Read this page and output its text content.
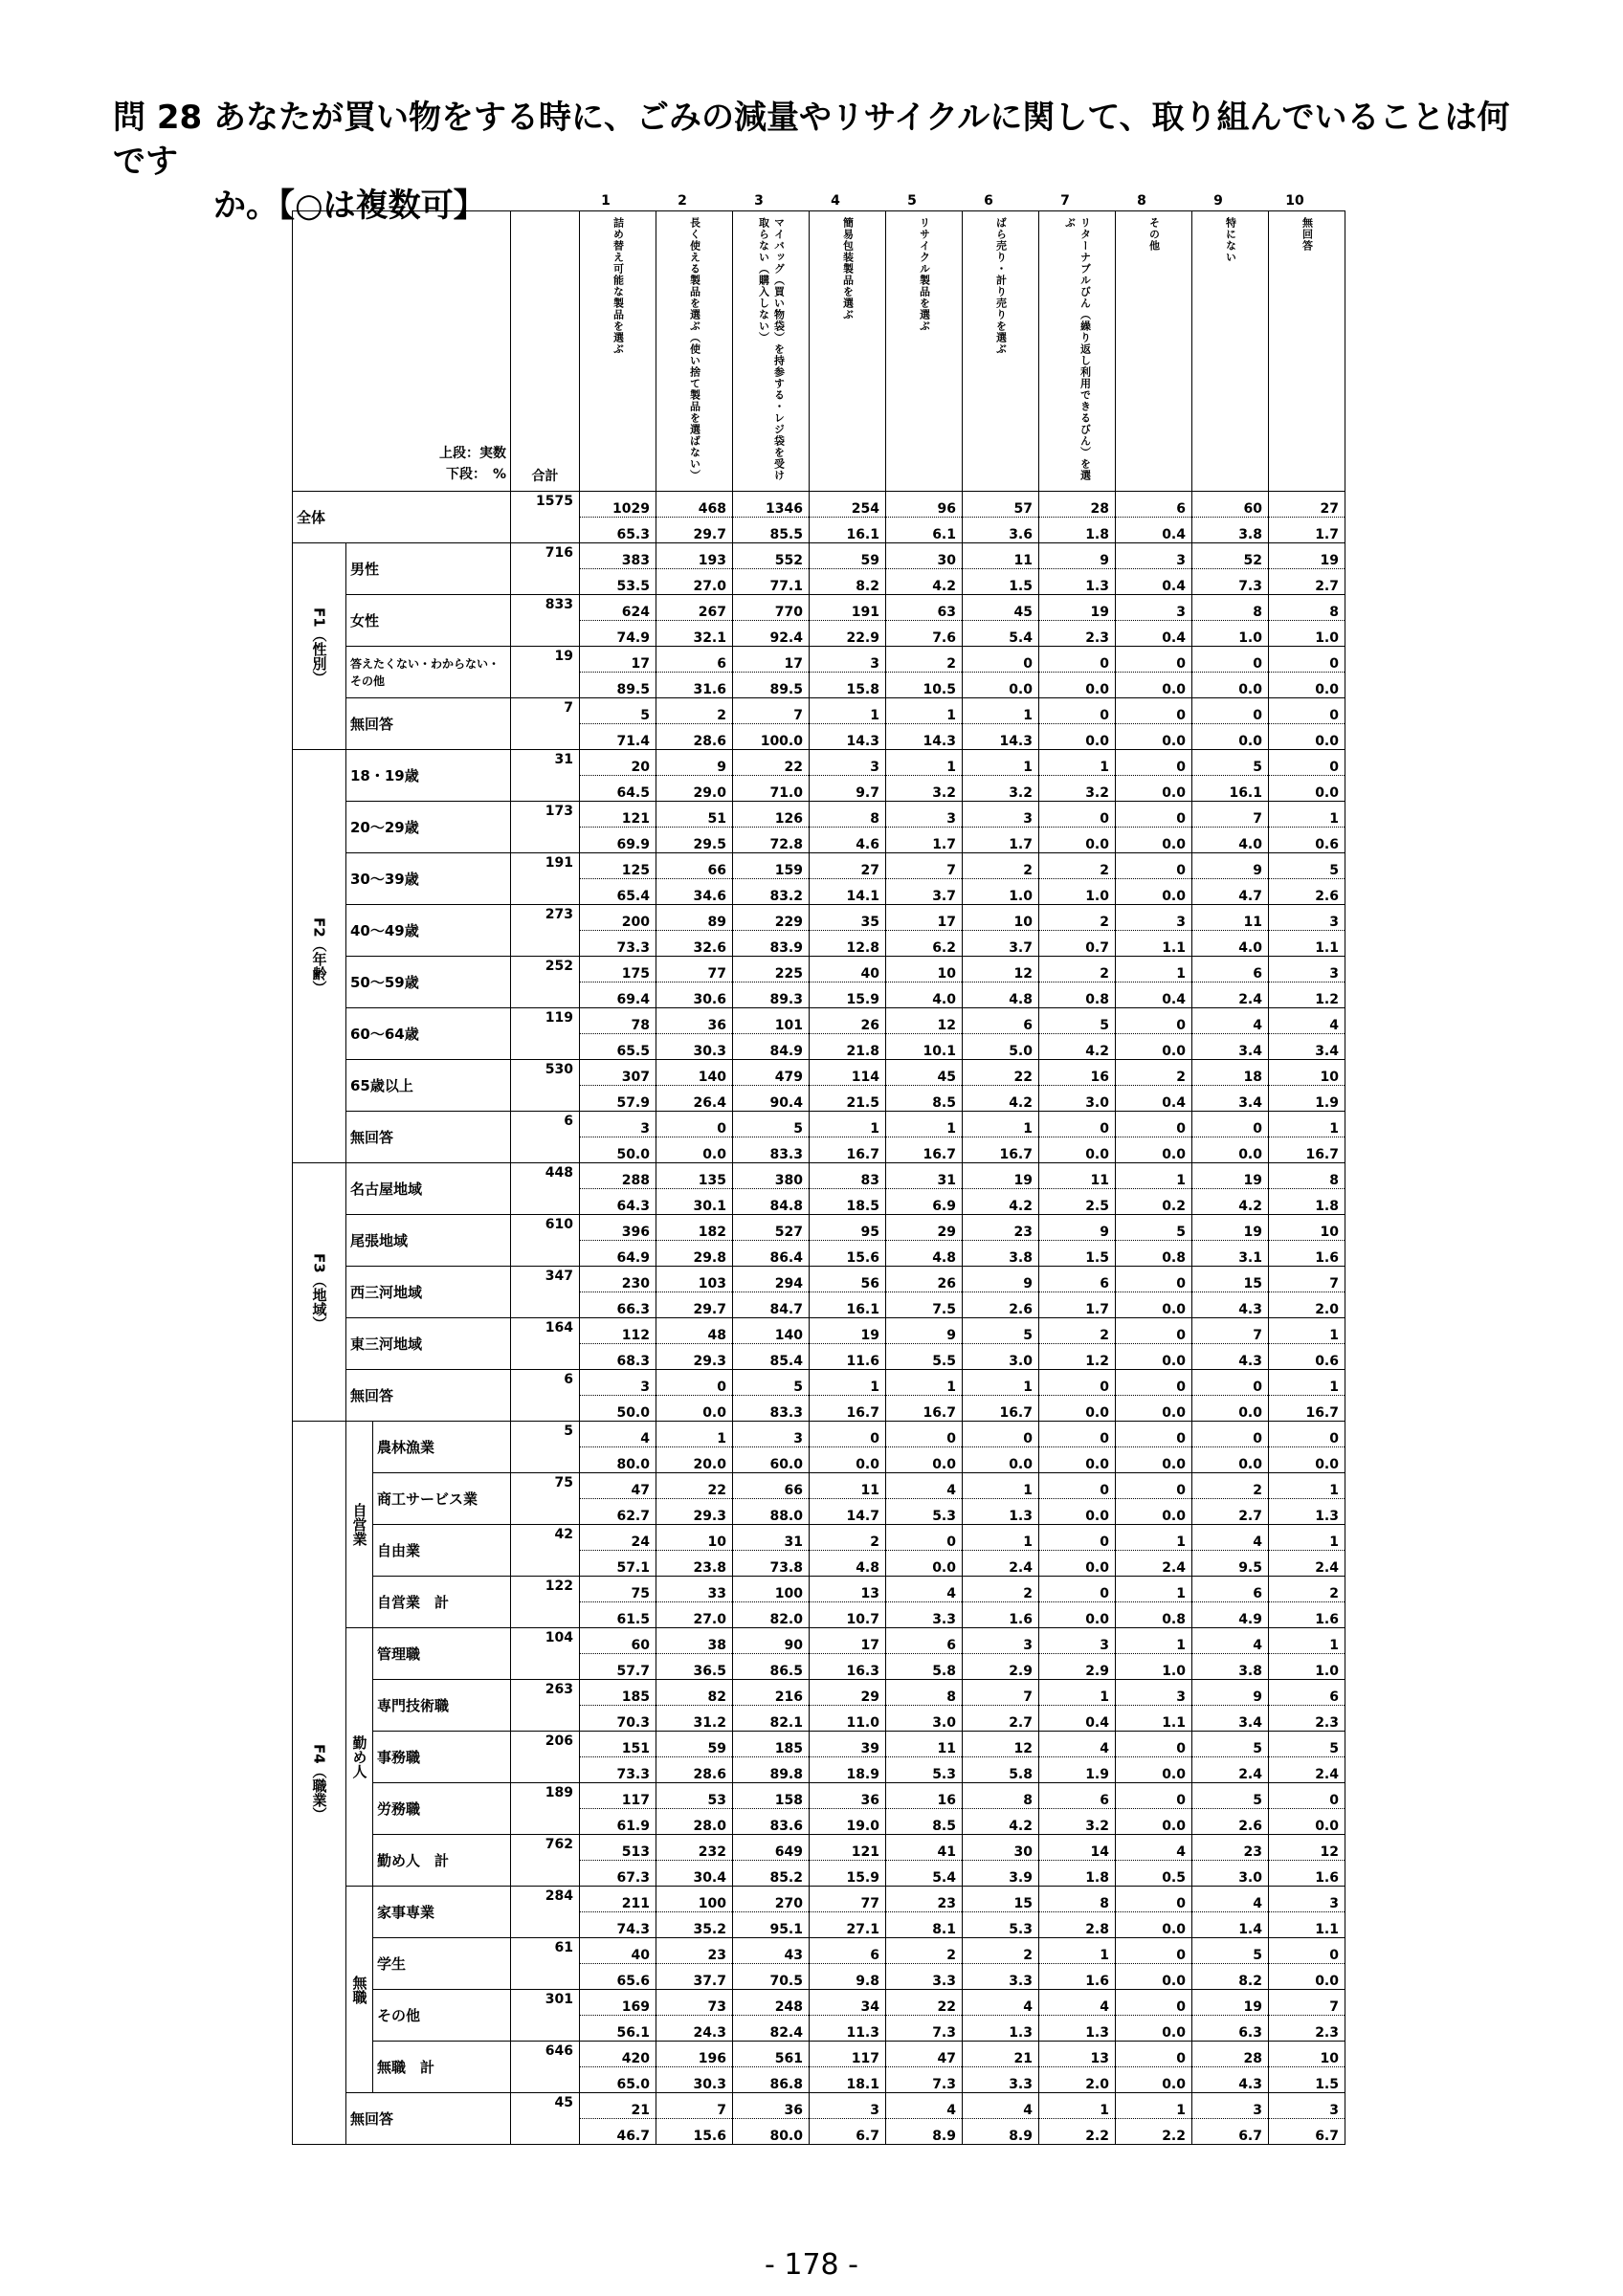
問 28 あなたが買い物をする時に、ごみの減量やリサイクルに関して、取り組んでいることは何です
か。【○は複数可】	1	2	3	4	5	6	7	8	9	10
上段：実数
下段：　%			合計	詰め替え可能な製品を選ぶ	長く使える製品を選ぶ（使い捨て製品を選ばない）	マイバッグ（買い物袋）を持参する・レジ袋を受け取らない（購入しない）	簡易包装製品を選ぶ	リサイクル製品を選ぶ	ばら売り・計り売りを選ぶ	リターナブルびん（繰り返し利用できるびん）を選ぶ	その他	特にない	無回答

全体			1575	1029	468	1346	254	96	57	28	6	60	27
				65.3	29.7	85.5	16.1	6.1	3.6	1.8	0.4	3.8	1.7

F1（性別）	男性		716	383	193	552	59	30	11	9	3	52	19
				53.5	27.0	77.1	8.2	4.2	1.5	1.3	0.4	7.3	2.7
	女性		833	624	267	770	191	63	45	19	3	8	8
				74.9	32.1	92.4	22.9	7.6	5.4	2.3	0.4	1.0	1.0
	答えたくない・わからない・その他		19	17	6	17	3	2	0	0	0	0	0
				89.5	31.6	89.5	15.8	10.5	0.0	0.0	0.0	0.0	0.0
	無回答		7	5	2	7	1	1	1	0	0	0	0
				71.4	28.6	100.0	14.3	14.3	14.3	0.0	0.0	0.0	0.0

F2（年齢）	18・19歳		31	20	9	22	3	1	1	1	0	5	0
				64.5	29.0	71.0	9.7	3.2	3.2	3.2	0.0	16.1	0.0
	20～29歳		173	121	51	126	8	3	3	0	0	7	1
				69.9	29.5	72.8	4.6	1.7	1.7	0.0	0.0	4.0	0.6
	30～39歳		191	125	66	159	27	7	2	2	0	9	5
				65.4	34.6	83.2	14.1	3.7	1.0	1.0	0.0	4.7	2.6
	40～49歳		273	200	89	229	35	17	10	2	3	11	3
				73.3	32.6	83.9	12.8	6.2	3.7	0.7	1.1	4.0	1.1
	50～59歳		252	175	77	225	40	10	12	2	1	6	3
				69.4	30.6	89.3	15.9	4.0	4.8	0.8	0.4	2.4	1.2
	60～64歳		119	78	36	101	26	12	6	5	0	4	4
				65.5	30.3	84.9	21.8	10.1	5.0	4.2	0.0	3.4	3.4
	65歳以上		530	307	140	479	114	45	22	16	2	18	10
				57.9	26.4	90.4	21.5	8.5	4.2	3.0	0.4	3.4	1.9
	無回答		6	3	0	5	1	1	1	0	0	0	1
				50.0	0.0	83.3	16.7	16.7	16.7	0.0	0.0	0.0	16.7

F3（地域）	名古屋地域		448	288	135	380	83	31	19	11	1	19	8
				64.3	30.1	84.8	18.5	6.9	4.2	2.5	0.2	4.2	1.8
	尾張地域		610	396	182	527	95	29	23	9	5	19	10
				64.9	29.8	86.4	15.6	4.8	3.8	1.5	0.8	3.1	1.6
	西三河地域		347	230	103	294	56	26	9	6	0	15	7
				66.3	29.7	84.7	16.1	7.5	2.6	1.7	0.0	4.3	2.0
	東三河地域		164	112	48	140	19	9	5	2	0	7	1
				68.3	29.3	85.4	11.6	5.5	3.0	1.2	0.0	4.3	0.6
	無回答		6	3	0	5	1	1	1	0	0	0	1
				50.0	0.0	83.3	16.7	16.7	16.7	0.0	0.0	0.0	16.7

F4（職業）	自営業	農林漁業	5	4	1	3	0	0	0	0	0	0	0
				80.0	20.0	60.0	0.0	0.0	0.0	0.0	0.0	0.0	0.0
		商工サービス業	75	47	22	66	11	4	1	0	0	2	1
				62.7	29.3	88.0	14.7	5.3	1.3	0.0	0.0	2.7	1.3
		自由業	42	24	10	31	2	0	1	0	1	4	1
				57.1	23.8	73.8	4.8	0.0	2.4	0.0	2.4	9.5	2.4
		自営業　計	122	75	33	100	13	4	2	0	1	6	2
				61.5	27.0	82.0	10.7	3.3	1.6	0.0	0.8	4.9	1.6

	勤め人	管理職	104	60	38	90	17	6	3	3	1	4	1
				57.7	36.5	86.5	16.3	5.8	2.9	2.9	1.0	3.8	1.0
		専門技術職	263	185	82	216	29	8	7	1	3	9	6
				70.3	31.2	82.1	11.0	3.0	2.7	0.4	1.1	3.4	2.3
		事務職	206	151	59	185	39	11	12	4	0	5	5
				73.3	28.6	89.8	18.9	5.3	5.8	1.9	0.0	2.4	2.4
		労務職	189	117	53	158	36	16	8	6	0	5	0
				61.9	28.0	83.6	19.0	8.5	4.2	3.2	0.0	2.6	0.0
		勤め人　計	762	513	232	649	121	41	30	14	4	23	12
				67.3	30.4	85.2	15.9	5.4	3.9	1.8	0.5	3.0	1.6

	無職	家事専業	284	211	100	270	77	23	15	8	0	4	3
				74.3	35.2	95.1	27.1	8.1	5.3	2.8	0.0	1.4	1.1
		学生	61	40	23	43	6	2	2	1	0	5	0
				65.6	37.7	70.5	9.8	3.3	3.3	1.6	0.0	8.2	0.0
		その他	301	169	73	248	34	22	4	4	0	19	7
				56.1	24.3	82.4	11.3	7.3	1.3	1.3	0.0	6.3	2.3
		無職　計	646	420	196	561	117	47	21	13	0	28	10
				65.0	30.3	86.8	18.1	7.3	3.3	2.0	0.0	4.3	1.5
	無回答		45	21	7	36	3	4	4	1	1	3	3
				46.7	15.6	80.0	6.7	8.9	8.9	2.2	2.2	6.7	6.7
- 178 -
